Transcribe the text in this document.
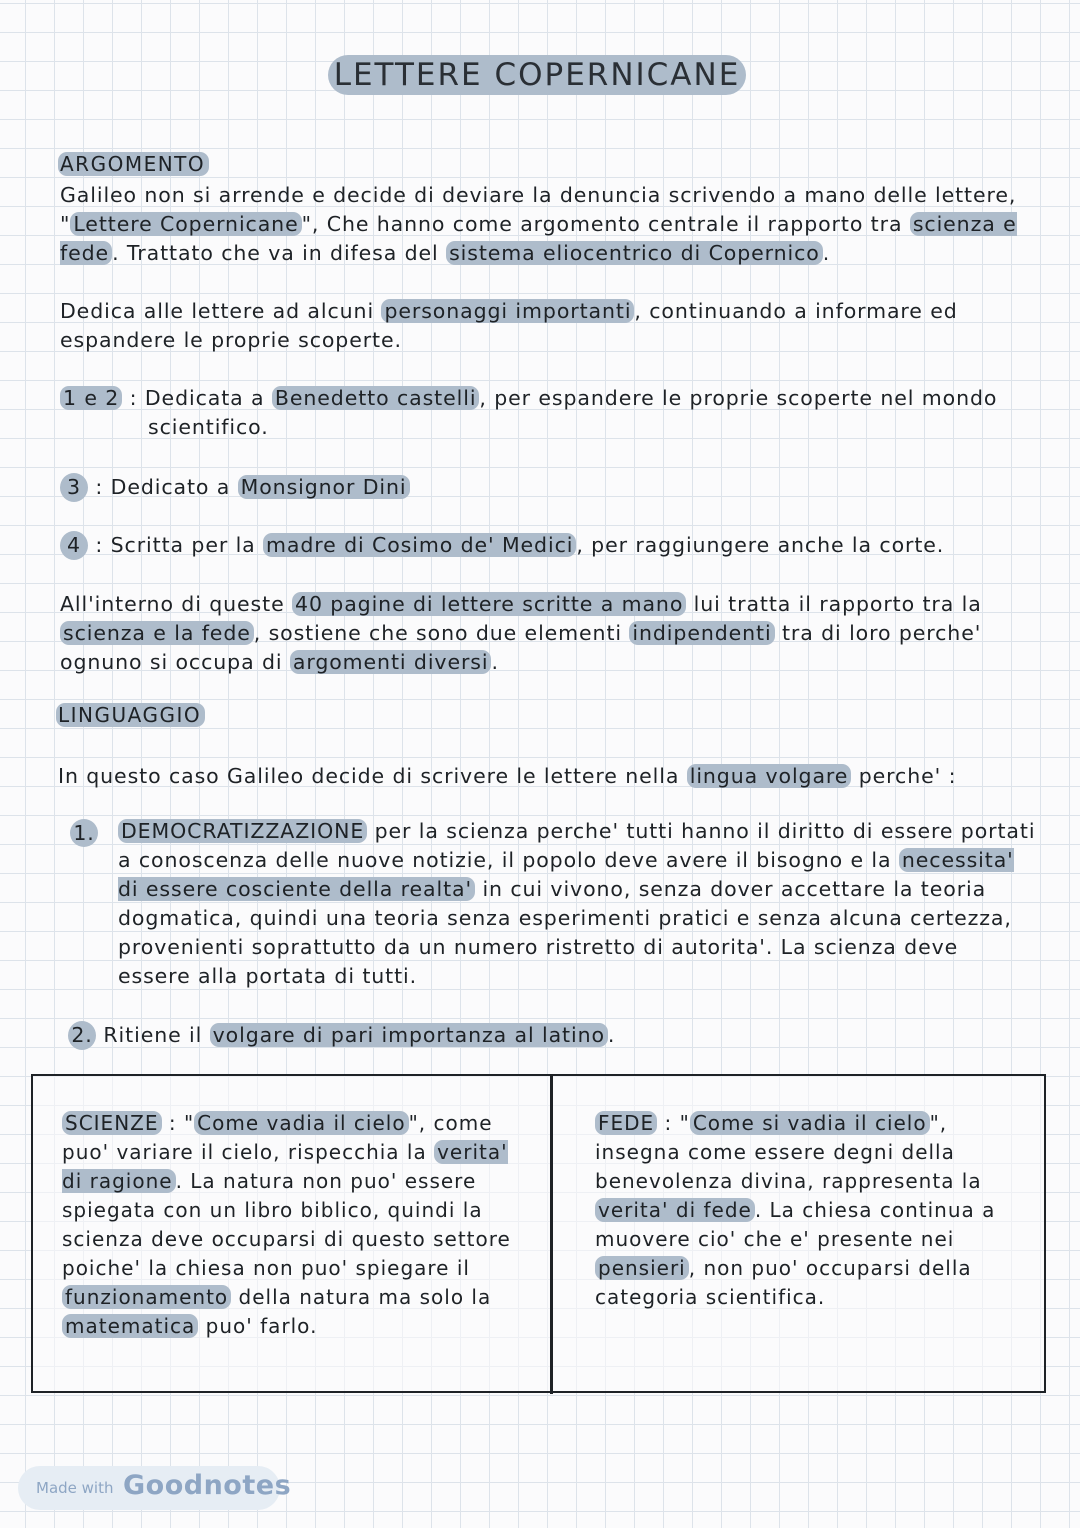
LETTERE COPERNICANE
ARGOMENTO

Galileo non si arrende e decide di deviare la denuncia scrivendo a mano delle lettere, " Lettere Copernicane ", Che hanno come argomento centrale il rapporto tra scienza e fede . Trattato che va in difesa del sistema eliocentrico di Copernico .

Dedica alle lettere ad alcuni personaggi importanti , continuando a informare ed espandere le proprie scoperte.

1 e 2 : Dedicata a Benedetto castelli , per espandere le proprie scoperte nel mondo scientifico.
3 : Dedicato a Monsignor Dini
4 : Scritta per la madre di Cosimo de' Medici , per raggiungere anche la corte.

All'interno di queste 40 pagine di lettere scritte a mano lui tratta il rapporto tra la scienza e la fede , sostiene che sono due elementi indipendenti tra di loro perche' ognuno si occupa di argomenti diversi .

LINGUAGGIO

In questo caso Galileo decide di scrivere le lettere nella lingua volgare perche' :

1. DEMOCRATIZZAZIONE per la scienza perche' tutti hanno il diritto di essere portati a conoscenza delle nuove notizie, il popolo deve avere il bisogno e la necessita' di essere cosciente della realta' in cui vivono, senza dover accettare la teoria dogmatica, quindi una teoria senza esperimenti pratici e senza alcuna certezza, provenienti soprattutto da un numero ristretto di autorita'. La scienza deve essere alla portata di tutti.

2. Ritiene il volgare di pari importanza al latino .

SCIENZE : " Come vadia il cielo ", come puo' variare il cielo, rispecchia la verita' di ragione . La natura non puo' essere spiegata con un libro biblico, quindi la scienza deve occuparsi di questo settore poiche' la chiesa non puo' spiegare il funzionamento della natura ma solo la matematica puo' farlo.
FEDE : " Come si vadia il cielo ", insegna come essere degni della benevolenza divina, rappresenta la verita' di fede . La chiesa continua a muovere cio' che e' presente nei pensieri , non puo' occuparsi della categoria scientifica.
Made with Goodnotes
